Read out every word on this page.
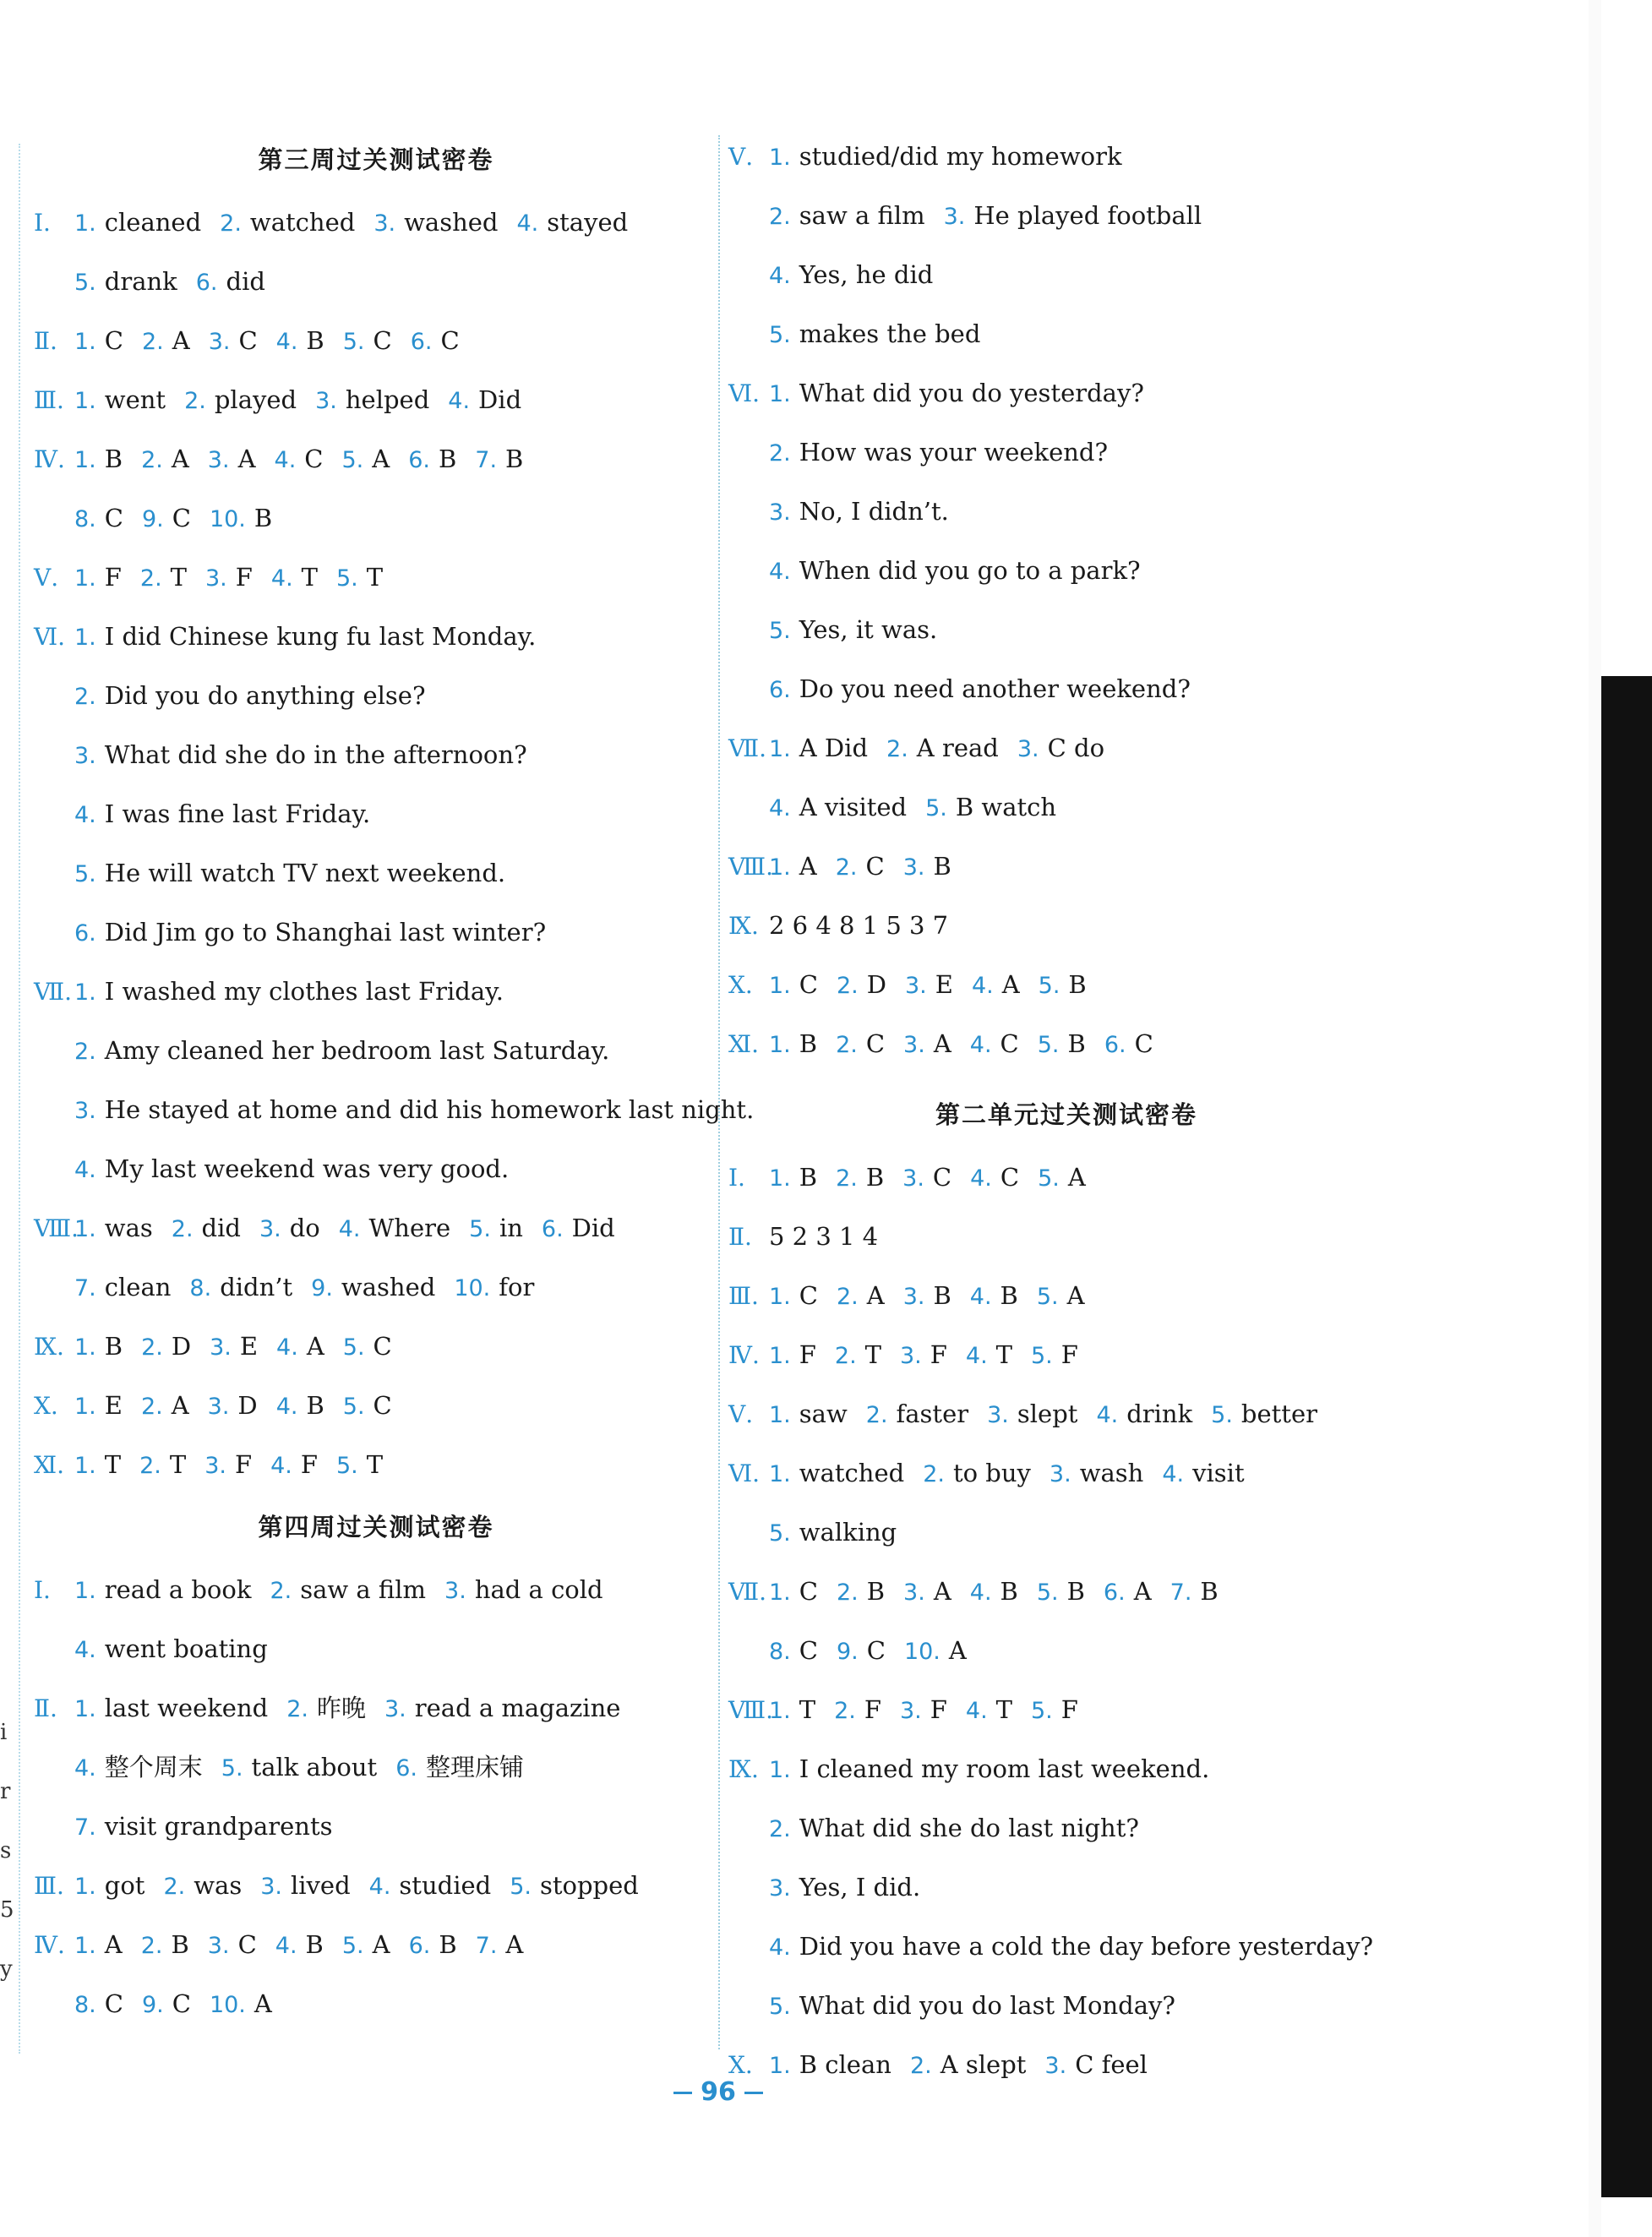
i
r
s
5
y
第三周过关测试密卷
Ⅰ. 1. cleaned 2. watched 3. washed 4. stayed
5. drank 6. did
Ⅱ. 1. C 2. A 3. C 4. B 5. C 6. C
Ⅲ. 1. went 2. played 3. helped 4. Did
Ⅳ. 1. B 2. A 3. A 4. C 5. A 6. B 7. B
8. C 9. C 10. B
Ⅴ. 1. F 2. T 3. F 4. T 5. T
Ⅵ. 1. I did Chinese kung fu last Monday.
2. Did you do anything else?
3. What did she do in the afternoon?
4. I was fine last Friday.
5. He will watch TV next weekend.
6. Did Jim go to Shanghai last winter?
Ⅶ. 1. I washed my clothes last Friday.
2. Amy cleaned her bedroom last Saturday.
3. He stayed at home and did his homework last night.
4. My last weekend was very good.
Ⅷ.1. was 2. did 3. do 4. Where 5. in 6. Did
7. clean 8. didn’t 9. washed 10. for
Ⅸ. 1. B 2. D 3. E 4. A 5. C
Ⅹ. 1. E 2. A 3. D 4. B 5. C
Ⅺ. 1. T 2. T 3. F 4. F 5. T
第四周过关测试密卷
Ⅰ. 1. read a book 2. saw a film 3. had a cold
4. went boating
Ⅱ. 1. last weekend 2. 昨晚 3. read a magazine
4. 整个周末 5. talk about 6. 整理床铺
7. visit grandparents
Ⅲ. 1. got 2. was 3. lived 4. studied 5. stopped
Ⅳ. 1. A 2. B 3. C 4. B 5. A 6. B 7. A
8. C 9. C 10. A
Ⅴ. 1. studied/did my homework
2. saw a film 3. He played football
4. Yes, he did
5. makes the bed
Ⅵ. 1. What did you do yesterday?
2. How was your weekend?
3. No, I didn’t.
4. When did you go to a park?
5. Yes, it was.
6. Do you need another weekend?
Ⅶ. 1. A Did 2. A read 3. C do
4. A visited 5. B watch
Ⅷ.1. A 2. C 3. B
Ⅸ. 2 6 4 8 1 5 3 7
Ⅹ. 1. C 2. D 3. E 4. A 5. B
Ⅺ. 1. B 2. C 3. A 4. C 5. B 6. C
第二单元过关测试密卷
Ⅰ. 1. B 2. B 3. C 4. C 5. A
Ⅱ. 5 2 3 1 4
Ⅲ. 1. C 2. A 3. B 4. B 5. A
Ⅳ. 1. F 2. T 3. F 4. T 5. F
Ⅴ. 1. saw 2. faster 3. slept 4. drink 5. better
Ⅵ. 1. watched 2. to buy 3. wash 4. visit
5. walking
Ⅶ. 1. C 2. B 3. A 4. B 5. B 6. A 7. B
8. C 9. C 10. A
Ⅷ.1. T 2. F 3. F 4. T 5. F
Ⅸ. 1. I cleaned my room last weekend.
2. What did she do last night?
3. Yes, I did.
4. Did you have a cold the day before yesterday?
5. What did you do last Monday?
Ⅹ. 1. B clean 2. A slept 3. C feel
96
